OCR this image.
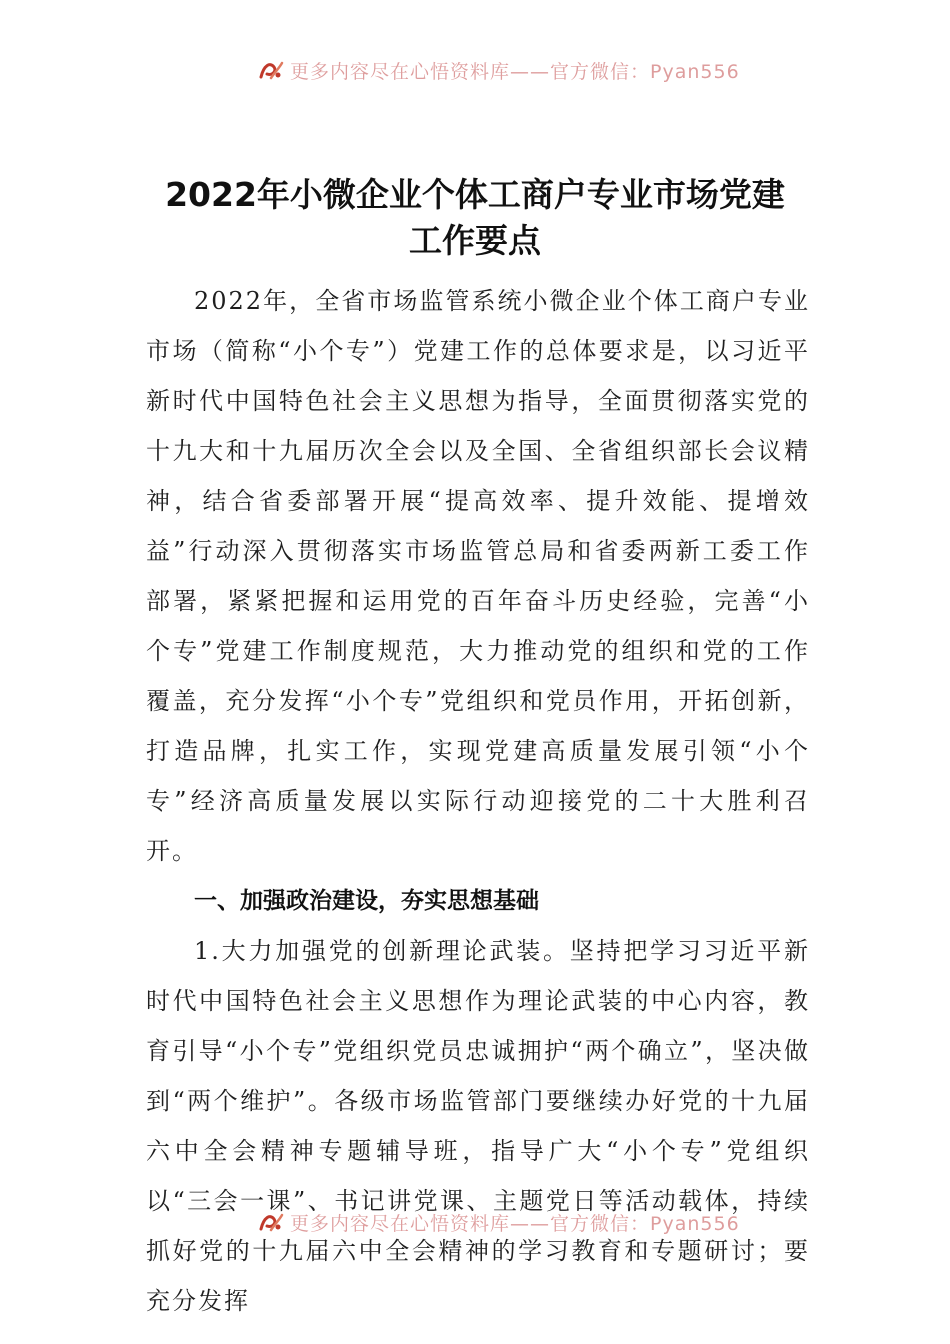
更多内容尽在心悟资料库——官方微信：Pyan556
2022年小微企业个体工商户专业市场党建
工作要点

2022年，全省市场监管系统小微企业个体工商户专业市场（简称“小个专”）党建工作的总体要求是，以习近平新时代中国特色社会主义思想为指导，全面贯彻落实党的十九大和十九届历次全会以及全国、全省组织部长会议精神，结合省委部署开展“提高效率、提升效能、提增效益”行动深入贯彻落实市场监管总局和省委两新工委工作部署，紧紧把握和运用党的百年奋斗历史经验，完善“小个专”党建工作制度规范，大力推动党的组织和党的工作覆盖，充分发挥“小个专”党组织和党员作用，开拓创新，打造品牌，扎实工作，实现党建高质量发展引领“小个专”经济高质量发展以实际行动迎接党的二十大胜利召开。

一、加强政治建设，夯实思想基础

1.大力加强党的创新理论武装。坚持把学习习近平新时代中国特色社会主义思想作为理论武装的中心内容，教育引导“小个专”党组织党员忠诚拥护“两个确立”，坚决做到“两个维护”。各级市场监管部门要继续办好党的十九届六中全会精神专题辅导班，指导广大“小个专”党组织以“三会一课”、书记讲党课、主题党日等活动载体，持续抓好党的十九届六中全会精神的学习教育和专题研讨；要充分发挥

更多内容尽在心悟资料库——官方微信：Pyan556
